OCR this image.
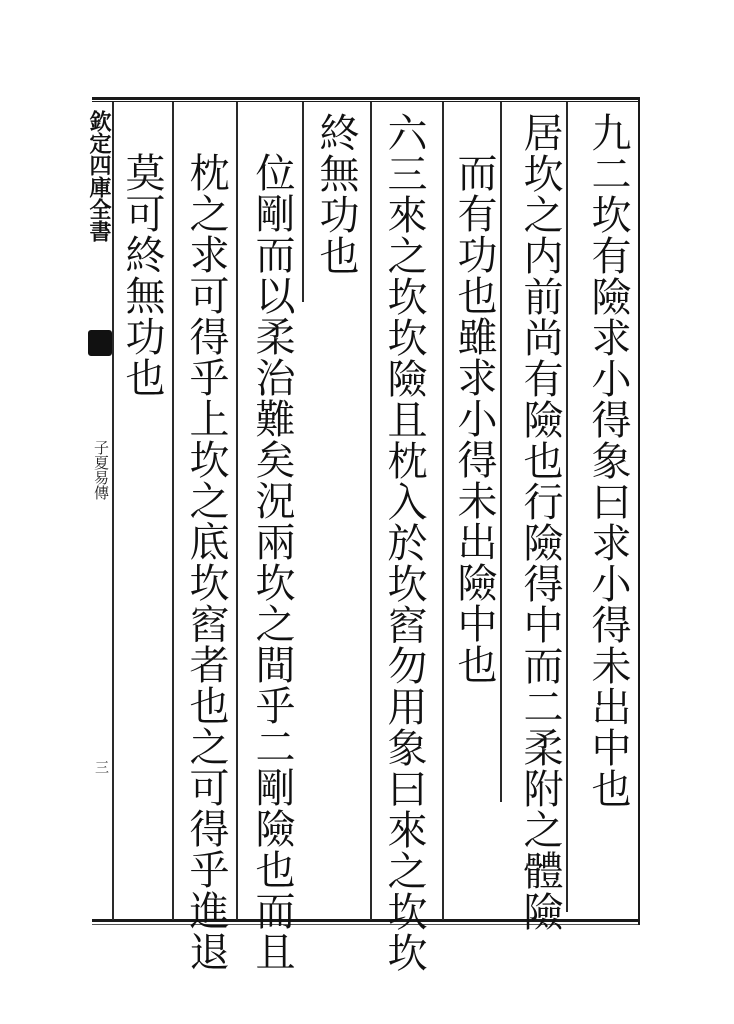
欽定四庫全書
子夏易傳
三	九二坎有險求小得象曰求小得未出中也
居坎之内前尚有險也行險得中而二柔附之體險
而有功也雖求小得未出險中也
六三來之坎坎險且枕入於坎窞勿用象曰來之坎坎
終無功也
位剛而以柔治難矣況兩坎之間乎二剛險也而且
枕之求可得乎上坎之底坎窞者也之可得乎進退
莫可終無功也
